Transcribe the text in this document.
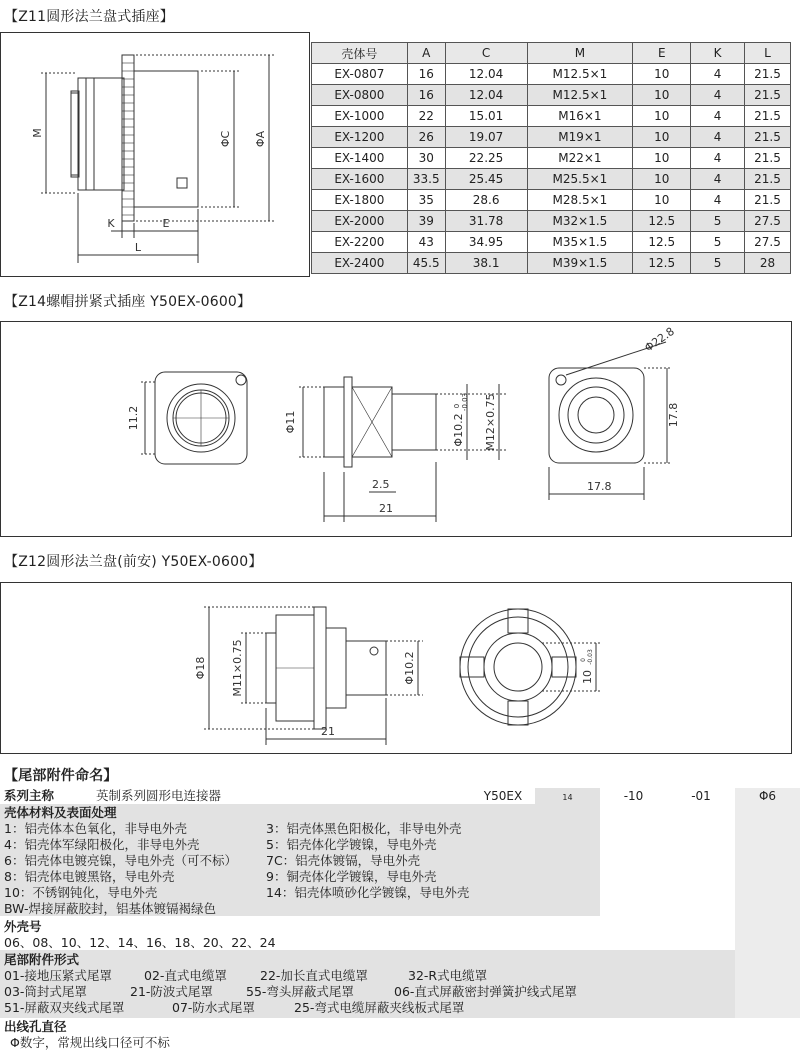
【Z11圆形法兰盘式插座】
M	ΦC ΦA
K	E
L
壳体号	A	C	M	E	K	L
EX-0807	16	12.04	M12.5×1	10	4	21.5
EX-0800	16	12.04	M12.5×1	10	4	21.5
EX-1000	22	15.01	M16×1	10	4	21.5
EX-1200	26	19.07	M19×1	10	4	21.5
EX-1400	30	22.25	M22×1	10	4	21.5
EX-1600	33.5	25.45	M25.5×1	10	4	21.5
EX-1800	35	28.6	M28.5×1	10	4	21.5
EX-2000	39	31.78	M32×1.5	12.5	5	27.5
EX-2200	43	34.95	M35×1.5	12.5	5	27.5
EX-2400	45.5	38.1	M39×1.5	12.5	5	28
【Z14螺帽拼紧式插座 Y50EX-0600】
11.2	Φ11
2.5
21
Φ10.2
0 -0.03 M12×0.75
Φ22.8
17.8
17.8
【Z12圆形法兰盘(前安) Y50EX-0600】
Φ18 M11×0.75	Φ10.2
21
10
0 -0.03
【尾部附件命名】
系列主称	英制系列圆形电连接器	Y50EX	14	-10	-01	Φ6
壳体材料及表面处理
1：铝壳体本色氧化，非导电外壳	3：铝壳体黑色阳极化，非导电外壳
4：铝壳体军绿阳极化，非导电外壳	5：铝壳体化学镀镍，导电外壳
6：铝壳体电镀亮镍，导电外壳（可不标） 7C：铝壳体镀镉，导电外壳
8：铝壳体电镀黑铬，导电外壳	9：铜壳体化学镀镍，导电外壳
10：不锈钢钝化，导电外壳	14：铝壳体喷砂化学镀镍，导电外壳
BW-焊接屏蔽胶封，铝基体镀镉褐绿色
外壳号
06、08、10、12、14、16、18、20、22、24
尾部附件形式
01-接地压紧式尾罩	02-直式电缆罩	22-加长直式电缆罩	32-R式电缆罩
03-筒封式尾罩	21-防波式尾罩	55-弯头屏蔽式尾罩	06-直式屏蔽密封弹簧护线式尾罩
51-屏蔽双夹线式尾罩	07-防水式尾罩	25-弯式电缆屏蔽夹线板式尾罩
出线孔直径
Φ数字，常规出线口径可不标
